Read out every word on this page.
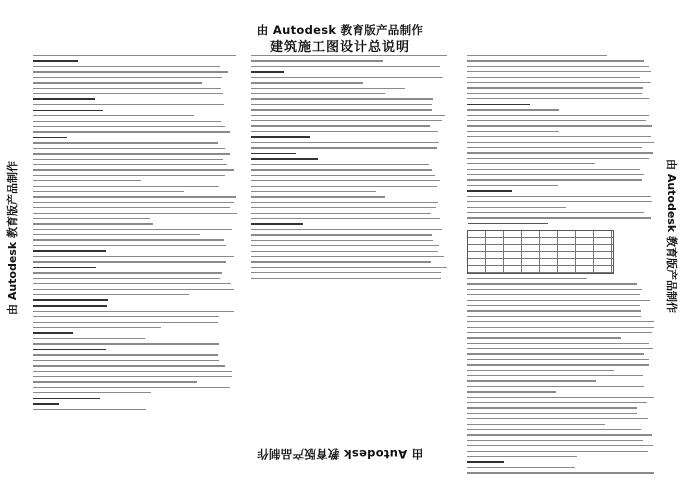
由 Autodesk 教育版产品制作
建筑施工图设计总说明
由 Autodesk 教育版产品制作
由 Autodesk 教育版产品制作	由 Autodesk 教育版产品制作
